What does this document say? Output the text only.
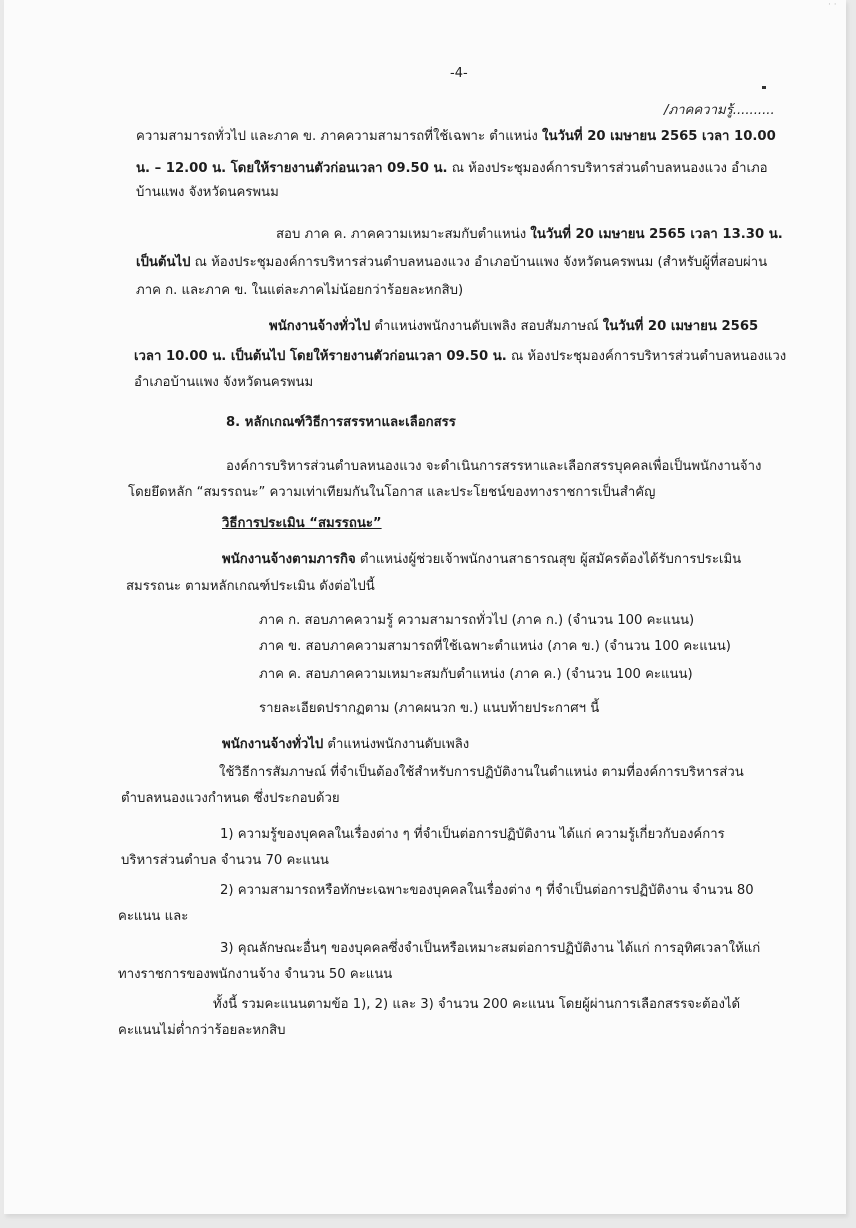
· ·
-4-
/ภาคความรู้..........
ความสามารถทั่วไป และภาค ข. ภาคความสามารถที่ใช้เฉพาะ ตำแหน่ง ในวันที่ 20 เมษายน 2565 เวลา 10.00
น. – 12.00 น. โดยให้รายงานตัวก่อนเวลา 09.50 น. ณ ห้องประชุมองค์การบริหารส่วนตำบลหนองแวง อำเภอ
บ้านแพง จังหวัดนครพนม
สอบ ภาค ค. ภาคความเหมาะสมกับตำแหน่ง ในวันที่ 20 เมษายน 2565 เวลา 13.30 น.
เป็นต้นไป ณ ห้องประชุมองค์การบริหารส่วนตำบลหนองแวง อำเภอบ้านแพง จังหวัดนครพนม (สำหรับผู้ที่สอบผ่าน
ภาค ก. และภาค ข. ในแต่ละภาคไม่น้อยกว่าร้อยละหกสิบ)
พนักงานจ้างทั่วไป ตำแหน่งพนักงานดับเพลิง สอบสัมภาษณ์ ในวันที่ 20 เมษายน 2565
เวลา 10.00 น. เป็นต้นไป โดยให้รายงานตัวก่อนเวลา 09.50 น. ณ ห้องประชุมองค์การบริหารส่วนตำบลหนองแวง
อำเภอบ้านแพง จังหวัดนครพนม
8. หลักเกณฑ์วิธีการสรรหาและเลือกสรร
องค์การบริหารส่วนตำบลหนองแวง จะดำเนินการสรรหาและเลือกสรรบุคคลเพื่อเป็นพนักงานจ้าง
โดยยึดหลัก “สมรรถนะ” ความเท่าเทียมกันในโอกาส และประโยชน์ของทางราชการเป็นสำคัญ
วิธีการประเมิน “สมรรถนะ”
พนักงานจ้างตามภารกิจ ตำแหน่งผู้ช่วยเจ้าพนักงานสาธารณสุข ผู้สมัครต้องได้รับการประเมิน
สมรรถนะ ตามหลักเกณฑ์ประเมิน ดังต่อไปนี้
ภาค ก. สอบภาคความรู้ ความสามารถทั่วไป (ภาค ก.) (จำนวน 100 คะแนน)
ภาค ข. สอบภาคความสามารถที่ใช้เฉพาะตำแหน่ง (ภาค ข.) (จำนวน 100 คะแนน)
ภาค ค. สอบภาคความเหมาะสมกับตำแหน่ง (ภาค ค.) (จำนวน 100 คะแนน)
รายละเอียดปรากฏตาม (ภาคผนวก ข.) แนบท้ายประกาศฯ นี้
พนักงานจ้างทั่วไป ตำแหน่งพนักงานดับเพลิง
ใช้วิธีการสัมภาษณ์ ที่จำเป็นต้องใช้สำหรับการปฏิบัติงานในตำแหน่ง ตามที่องค์การบริหารส่วน
ตำบลหนองแวงกำหนด ซึ่งประกอบด้วย
1) ความรู้ของบุคคลในเรื่องต่าง ๆ ที่จำเป็นต่อการปฏิบัติงาน ได้แก่ ความรู้เกี่ยวกับองค์การ
บริหารส่วนตำบล จำนวน 70 คะแนน
2) ความสามารถหรือทักษะเฉพาะของบุคคลในเรื่องต่าง ๆ ที่จำเป็นต่อการปฏิบัติงาน จำนวน 80
คะแนน และ
3) คุณลักษณะอื่นๆ ของบุคคลซึ่งจำเป็นหรือเหมาะสมต่อการปฏิบัติงาน ได้แก่ การอุทิศเวลาให้แก่
ทางราชการของพนักงานจ้าง จำนวน 50 คะแนน
ทั้งนี้ รวมคะแนนตามข้อ 1), 2) และ 3) จำนวน 200 คะแนน โดยผู้ผ่านการเลือกสรรจะต้องได้
คะแนนไม่ต่ำกว่าร้อยละหกสิบ
